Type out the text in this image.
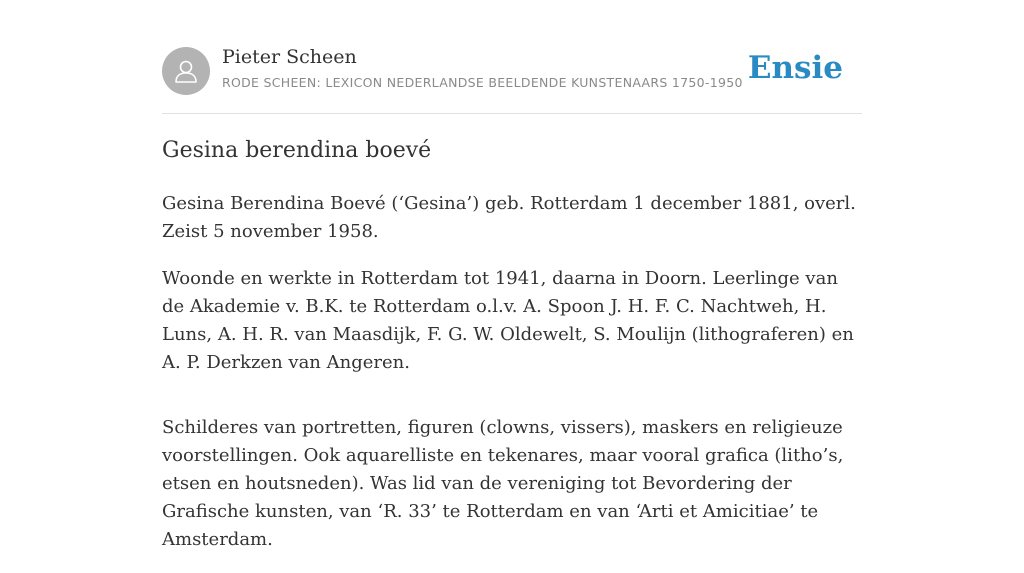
Pieter Scheen
RODE SCHEEN: LEXICON NEDERLANDSE BEELDENDE KUNSTENAARS 1750-1950 Ensie
Gesina berendina boevé

Gesina Berendina Boevé (‘Gesina’) geb. Rotterdam 1 december 1881, overl. Zeist 5 november 1958.

Woonde en werkte in Rotterdam tot 1941, daarna in Doorn. Leerlinge van de Akademie v. B.K. te Rotterdam o.l.v. A. Spoon J. H. F. C. Nachtweh, H. Luns, A. H. R. van Maasdijk, F. G. W. Oldewelt, S. Moulijn (lithograferen) en A. P. Derkzen van Angeren.

Schilderes van portretten, figuren (clowns, vissers), maskers en religieuze voorstellingen. Ook aquarelliste en tekenares, maar vooral grafica (litho’s, etsen en houtsneden). Was lid van de vereniging tot Bevordering der Grafische kunsten, van ‘R. 33’ te Rotterdam en van ‘Arti et Amicitiae’ te Amsterdam.
